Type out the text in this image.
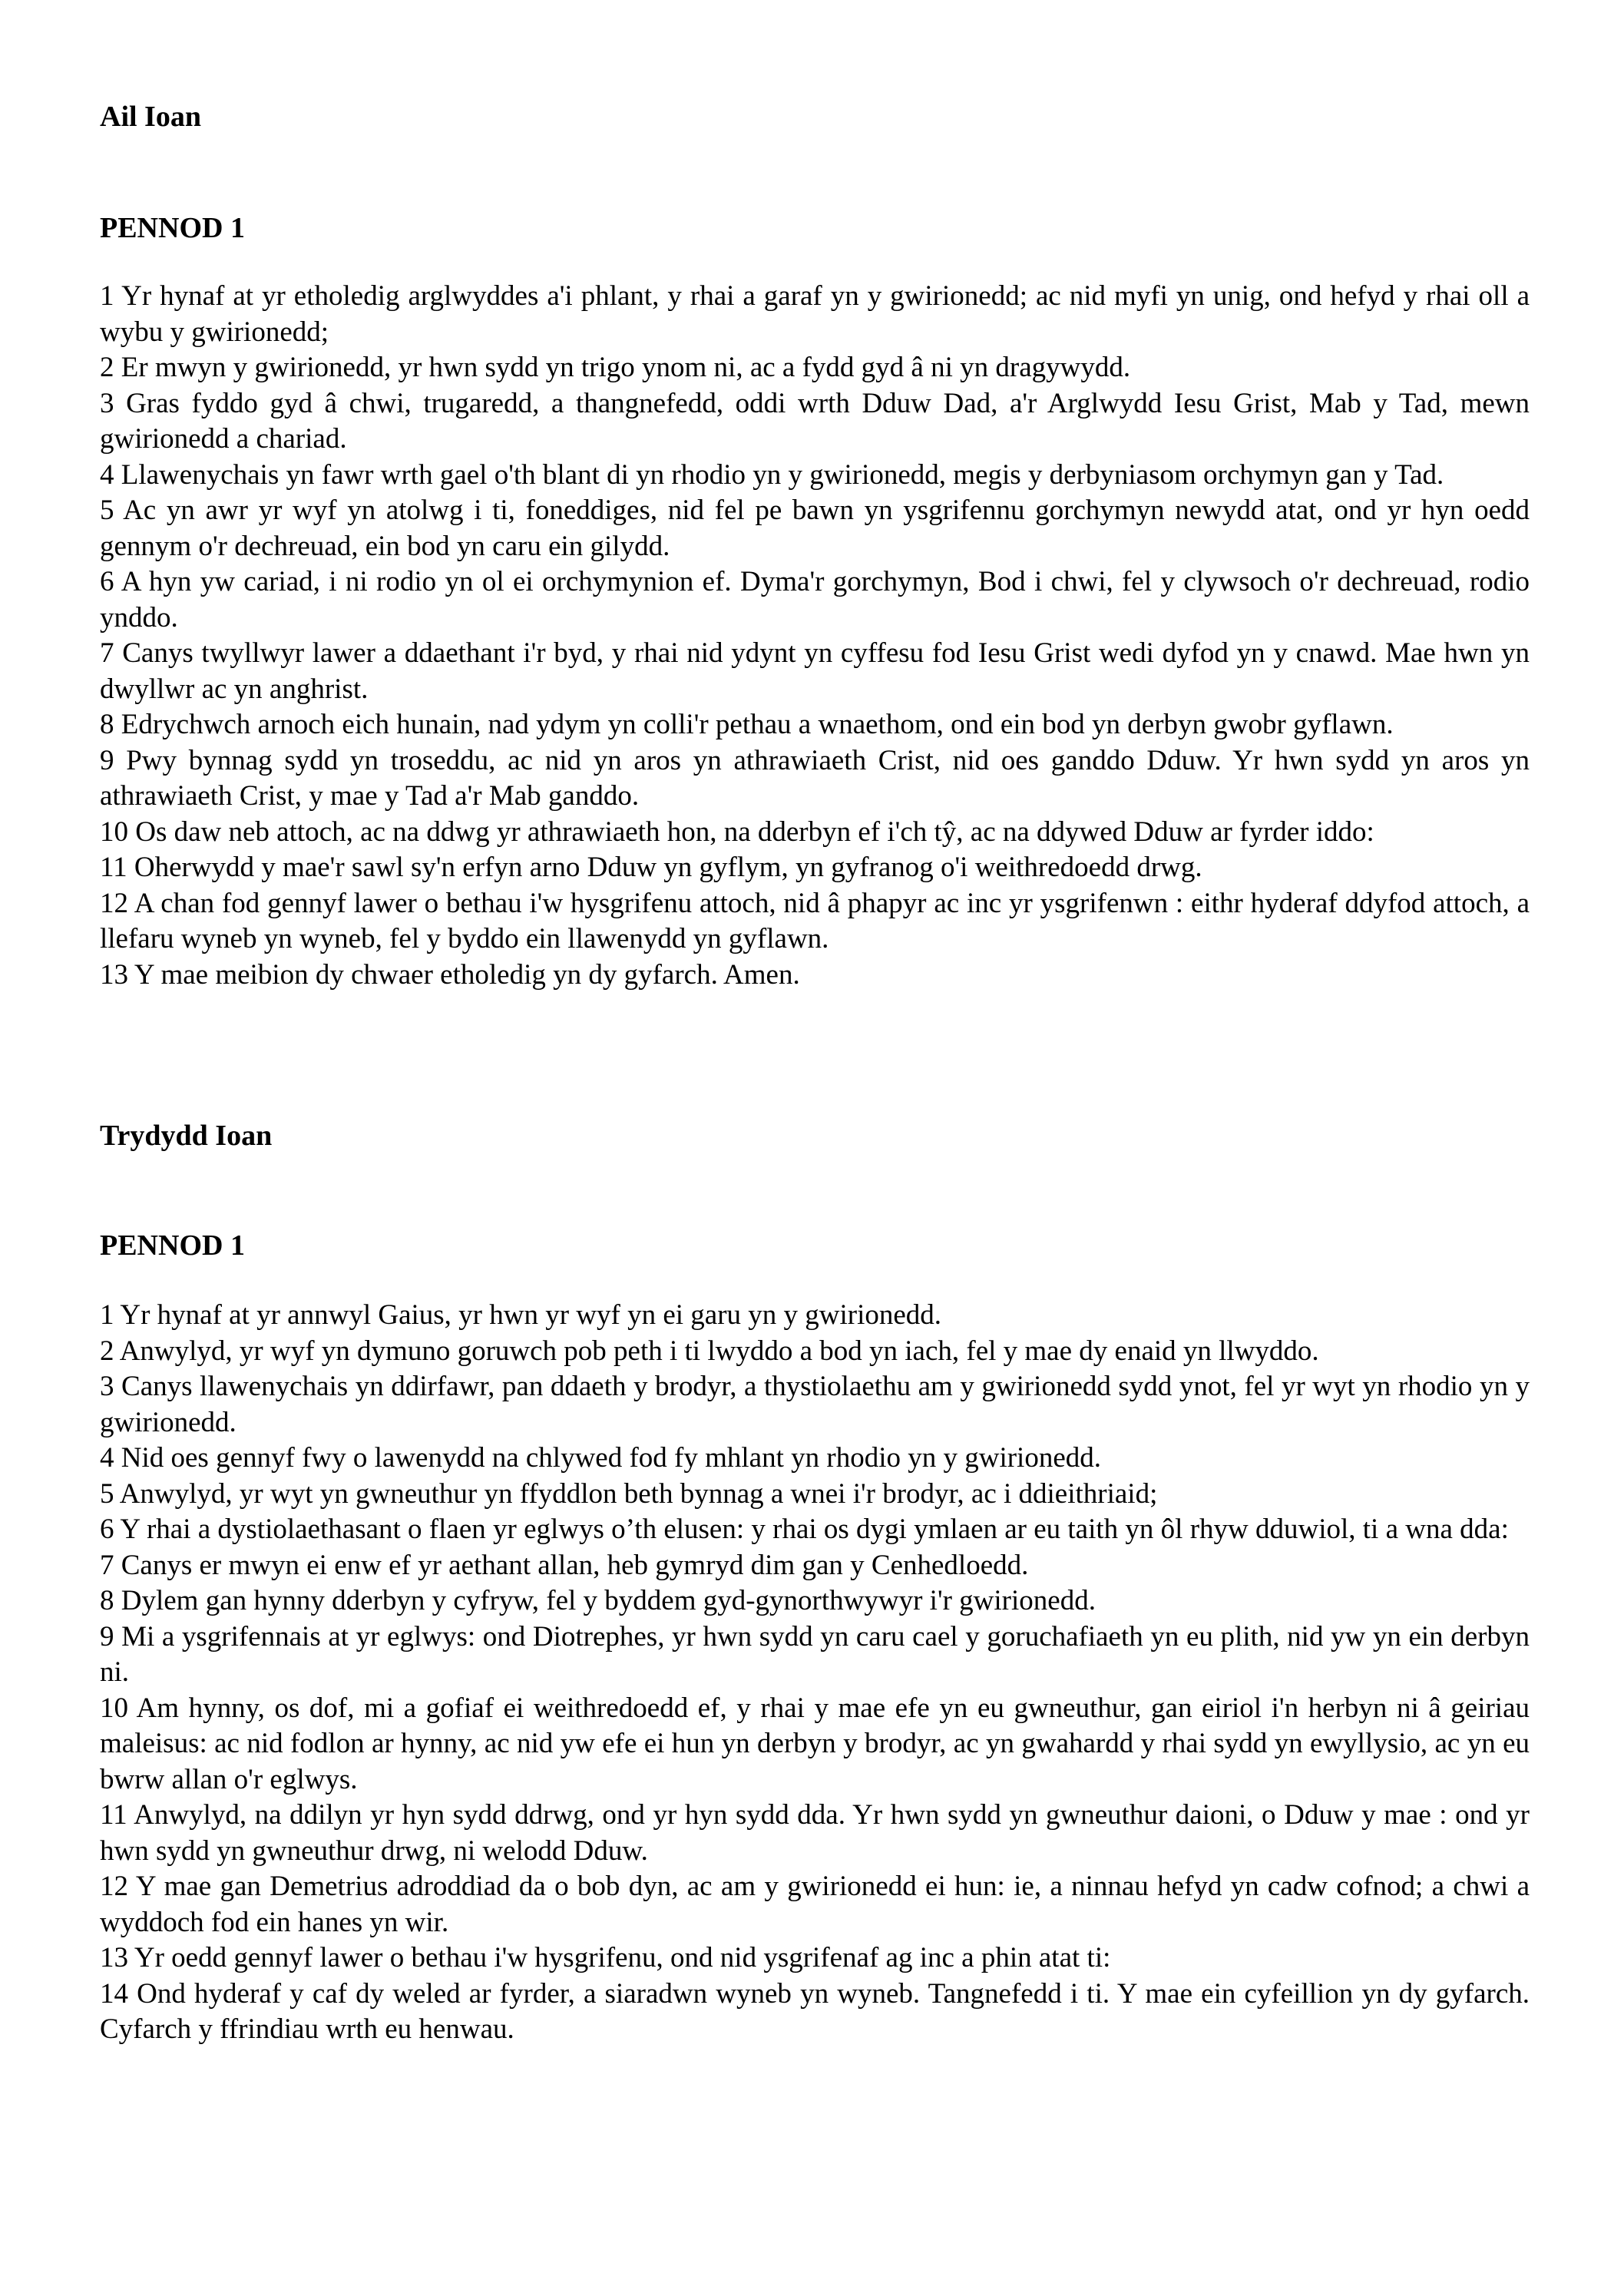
Ail Ioan
PENNOD 1
1 Yr hynaf at yr etholedig arglwyddes a'i phlant, y rhai a garaf yn y gwirionedd; ac nid myfi yn unig, ond hefyd y rhai oll a wybu y gwirionedd;
2 Er mwyn y gwirionedd, yr hwn sydd yn trigo ynom ni, ac a fydd gyd â ni yn dragywydd.
3 Gras fyddo gyd â chwi, trugaredd, a thangnefedd, oddi wrth Dduw Dad, a'r Arglwydd Iesu Grist, Mab y Tad, mewn gwirionedd a chariad.
4 Llawenychais yn fawr wrth gael o'th blant di yn rhodio yn y gwirionedd, megis y derbyniasom orchymyn gan y Tad.
5 Ac yn awr yr wyf yn atolwg i ti, foneddiges, nid fel pe bawn yn ysgrifennu gorchymyn newydd atat, ond yr hyn oedd gennym o'r dechreuad, ein bod yn caru ein gilydd.
6 A hyn yw cariad, i ni rodio yn ol ei orchymynion ef. Dyma'r gorchymyn, Bod i chwi, fel y clywsoch o'r dechreuad, rodio ynddo.
7 Canys twyllwyr lawer a ddaethant i'r byd, y rhai nid ydynt yn cyffesu fod Iesu Grist wedi dyfod yn y cnawd. Mae hwn yn dwyllwr ac yn anghrist.
8 Edrychwch arnoch eich hunain, nad ydym yn colli'r pethau a wnaethom, ond ein bod yn derbyn gwobr gyflawn.
9 Pwy bynnag sydd yn troseddu, ac nid yn aros yn athrawiaeth Crist, nid oes ganddo Dduw. Yr hwn sydd yn aros yn athrawiaeth Crist, y mae y Tad a'r Mab ganddo.
10 Os daw neb attoch, ac na ddwg yr athrawiaeth hon, na dderbyn ef i'ch tŷ, ac na ddywed Dduw ar fyrder iddo:
11 Oherwydd y mae'r sawl sy'n erfyn arno Dduw yn gyflym, yn gyfranog o'i weithredoedd drwg.
12 A chan fod gennyf lawer o bethau i'w hysgrifenu attoch, nid â phapyr ac inc yr ysgrifenwn : eithr hyderaf ddyfod attoch, a llefaru wyneb yn wyneb, fel y byddo ein llawenydd yn gyflawn.
13 Y mae meibion dy chwaer etholedig yn dy gyfarch. Amen.
Trydydd Ioan
PENNOD 1
1 Yr hynaf at yr annwyl Gaius, yr hwn yr wyf yn ei garu yn y gwirionedd.
2 Anwylyd, yr wyf yn dymuno goruwch pob peth i ti lwyddo a bod yn iach, fel y mae dy enaid yn llwyddo.
3 Canys llawenychais yn ddirfawr, pan ddaeth y brodyr, a thystiolaethu am y gwirionedd sydd ynot, fel yr wyt yn rhodio yn y gwirionedd.
4 Nid oes gennyf fwy o lawenydd na chlywed fod fy mhlant yn rhodio yn y gwirionedd.
5 Anwylyd, yr wyt yn gwneuthur yn ffyddlon beth bynnag a wnei i'r brodyr, ac i ddieithriaid;
6 Y rhai a dystiolaethasant o flaen yr eglwys o’th elusen: y rhai os dygi ymlaen ar eu taith yn ôl rhyw dduwiol, ti a wna dda:
7 Canys er mwyn ei enw ef yr aethant allan, heb gymryd dim gan y Cenhedloedd.
8 Dylem gan hynny dderbyn y cyfryw, fel y byddem gyd-gynorthwywyr i'r gwirionedd.
9 Mi a ysgrifennais at yr eglwys: ond Diotrephes, yr hwn sydd yn caru cael y goruchafiaeth yn eu plith, nid yw yn ein derbyn ni.
10 Am hynny, os dof, mi a gofiaf ei weithredoedd ef, y rhai y mae efe yn eu gwneuthur, gan eiriol i'n herbyn ni â geiriau maleisus: ac nid fodlon ar hynny, ac nid yw efe ei hun yn derbyn y brodyr, ac yn gwahardd y rhai sydd yn ewyllysio, ac yn eu bwrw allan o'r eglwys.
11 Anwylyd, na ddilyn yr hyn sydd ddrwg, ond yr hyn sydd dda. Yr hwn sydd yn gwneuthur daioni, o Dduw y mae : ond yr hwn sydd yn gwneuthur drwg, ni welodd Dduw.
12 Y mae gan Demetrius adroddiad da o bob dyn, ac am y gwirionedd ei hun: ie, a ninnau hefyd yn cadw cofnod; a chwi a wyddoch fod ein hanes yn wir.
13 Yr oedd gennyf lawer o bethau i'w hysgrifenu, ond nid ysgrifenaf ag inc a phin atat ti:
14 Ond hyderaf y caf dy weled ar fyrder, a siaradwn wyneb yn wyneb. Tangnefedd i ti. Y mae ein cyfeillion yn dy gyfarch. Cyfarch y ffrindiau wrth eu henwau.
